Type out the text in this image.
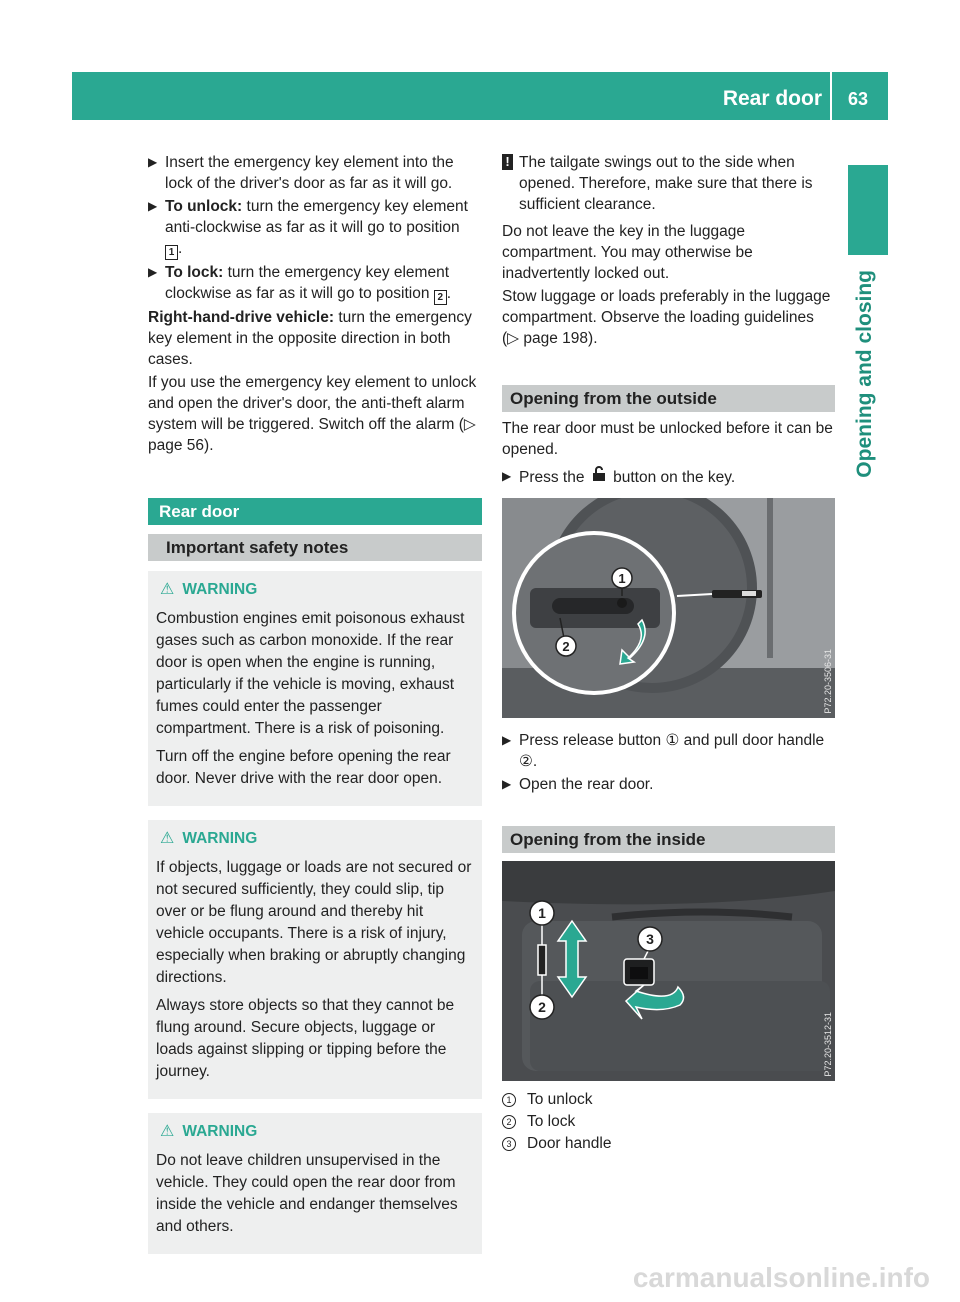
Rear door 63
Opening and closing
▶ Insert the emergency key element into the lock of the driver's door as far as it will go.
▶ To unlock: turn the emergency key element anti-clockwise as far as it will go to position
1 .
▶ To lock: turn the emergency key element clockwise as far as it will go to position 2 .
Right-hand-drive vehicle: turn the emergency key element in the opposite direction in both cases.
If you use the emergency key element to unlock and open the driver's door, the anti-theft alarm system will be triggered. Switch off the alarm (▷ page 56).
Rear door
Important safety notes
⚠ WARNING

Combustion engines emit poisonous exhaust gases such as carbon monoxide. If the rear door is open when the engine is running, particularly if the vehicle is moving, exhaust fumes could enter the passenger compartment. There is a risk of poisoning.

Turn off the engine before opening the rear door. Never drive with the rear door open.

⚠ WARNING

If objects, luggage or loads are not secured or not secured sufficiently, they could slip, tip over or be flung around and thereby hit vehicle occupants. There is a risk of injury, especially when braking or abruptly changing directions.

Always store objects so that they cannot be flung around. Secure objects, luggage or loads against slipping or tipping before the journey.

⚠ WARNING

Do not leave children unsupervised in the vehicle. They could open the rear door from inside the vehicle and endanger themselves and others.

! The tailgate swings out to the side when opened. Therefore, make sure that there is sufficient clearance.
Do not leave the key in the luggage compartment. You may otherwise be inadvertently locked out.
Stow luggage or loads preferably in the luggage compartment. Observe the loading guidelines (▷ page 198).
Opening from the outside
The rear door must be unlocked before it can be opened.
▶ Press the button on the key.
1
2
P72.20-3506-31
▶ Press release button ① and pull door handle ②.
▶ Open the rear door.
Opening from the inside
1
2
3
P72.20-3512-31
1 To unlock
2 To lock
3 Door handle
carmanualsonline.info
